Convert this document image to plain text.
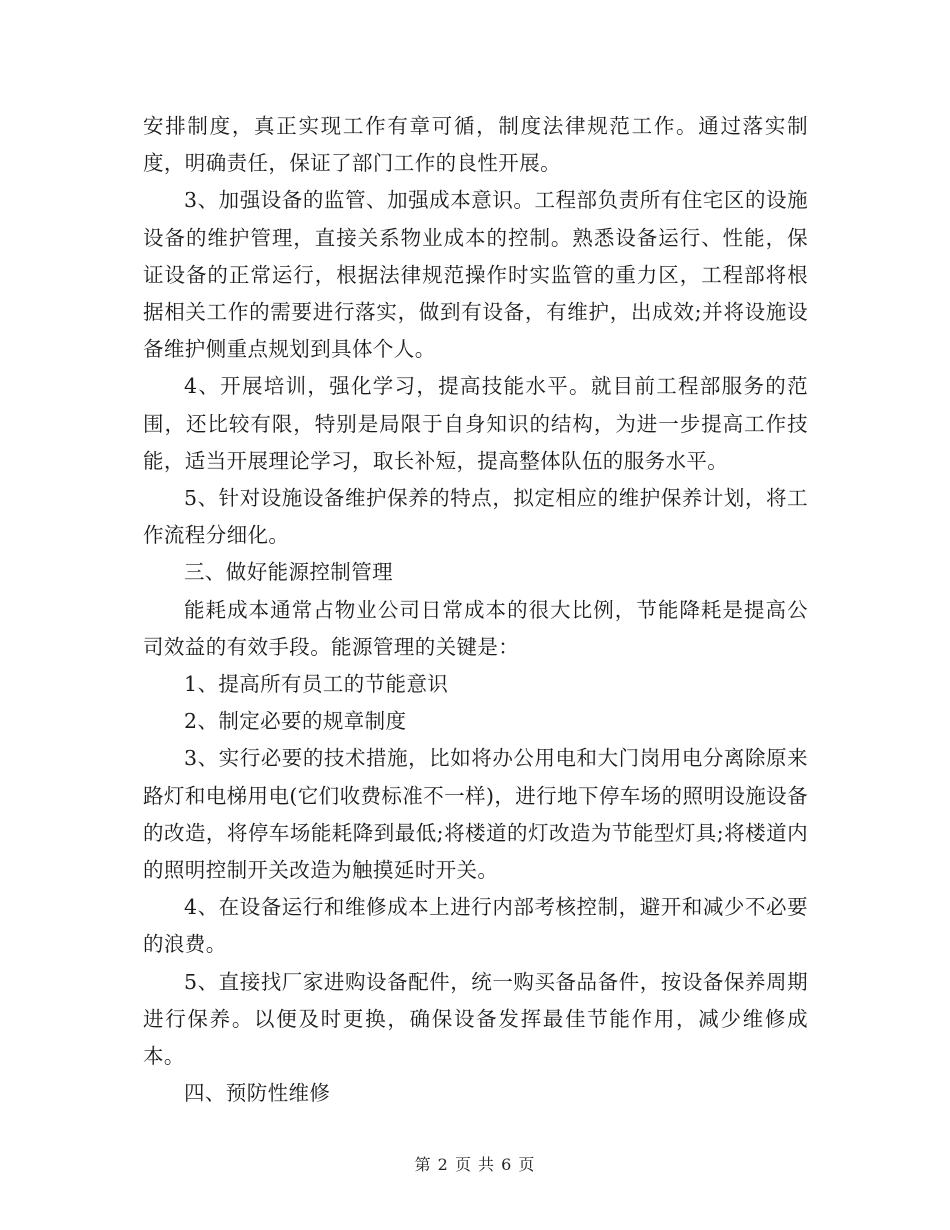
安排制度，真正实现工作有章可循，制度法律规范工作。通过落实制度，明确责任，保证了部门工作的良性开展。

3、加强设备的监管、加强成本意识。工程部负责所有住宅区的设施设备的维护管理，直接关系物业成本的控制。熟悉设备运行、性能，保证设备的正常运行，根据法律规范操作时实监管的重力区，工程部将根据相关工作的需要进行落实，做到有设备，有维护，出成效;并将设施设备维护侧重点规划到具体个人。

4、开展培训，强化学习，提高技能水平。就目前工程部服务的范围，还比较有限，特别是局限于自身知识的结构，为进一步提高工作技能，适当开展理论学习，取长补短，提高整体队伍的服务水平。

5、针对设施设备维护保养的特点，拟定相应的维护保养计划，将工作流程分细化。

三、做好能源控制管理

能耗成本通常占物业公司日常成本的很大比例，节能降耗是提高公司效益的有效手段。能源管理的关键是：

1、提高所有员工的节能意识

2、制定必要的规章制度

3、实行必要的技术措施，比如将办公用电和大门岗用电分离除原来路灯和电梯用电(它们收费标准不一样)，进行地下停车场的照明设施设备的改造，将停车场能耗降到最低;将楼道的灯改造为节能型灯具;将楼道内的照明控制开关改造为触摸延时开关。

4、在设备运行和维修成本上进行内部考核控制，避开和减少不必要的浪费。

5、直接找厂家进购设备配件，统一购买备品备件，按设备保养周期进行保养。以便及时更换，确保设备发挥最佳节能作用，减少维修成本。

四、预防性维修

第 2 页 共 6 页
